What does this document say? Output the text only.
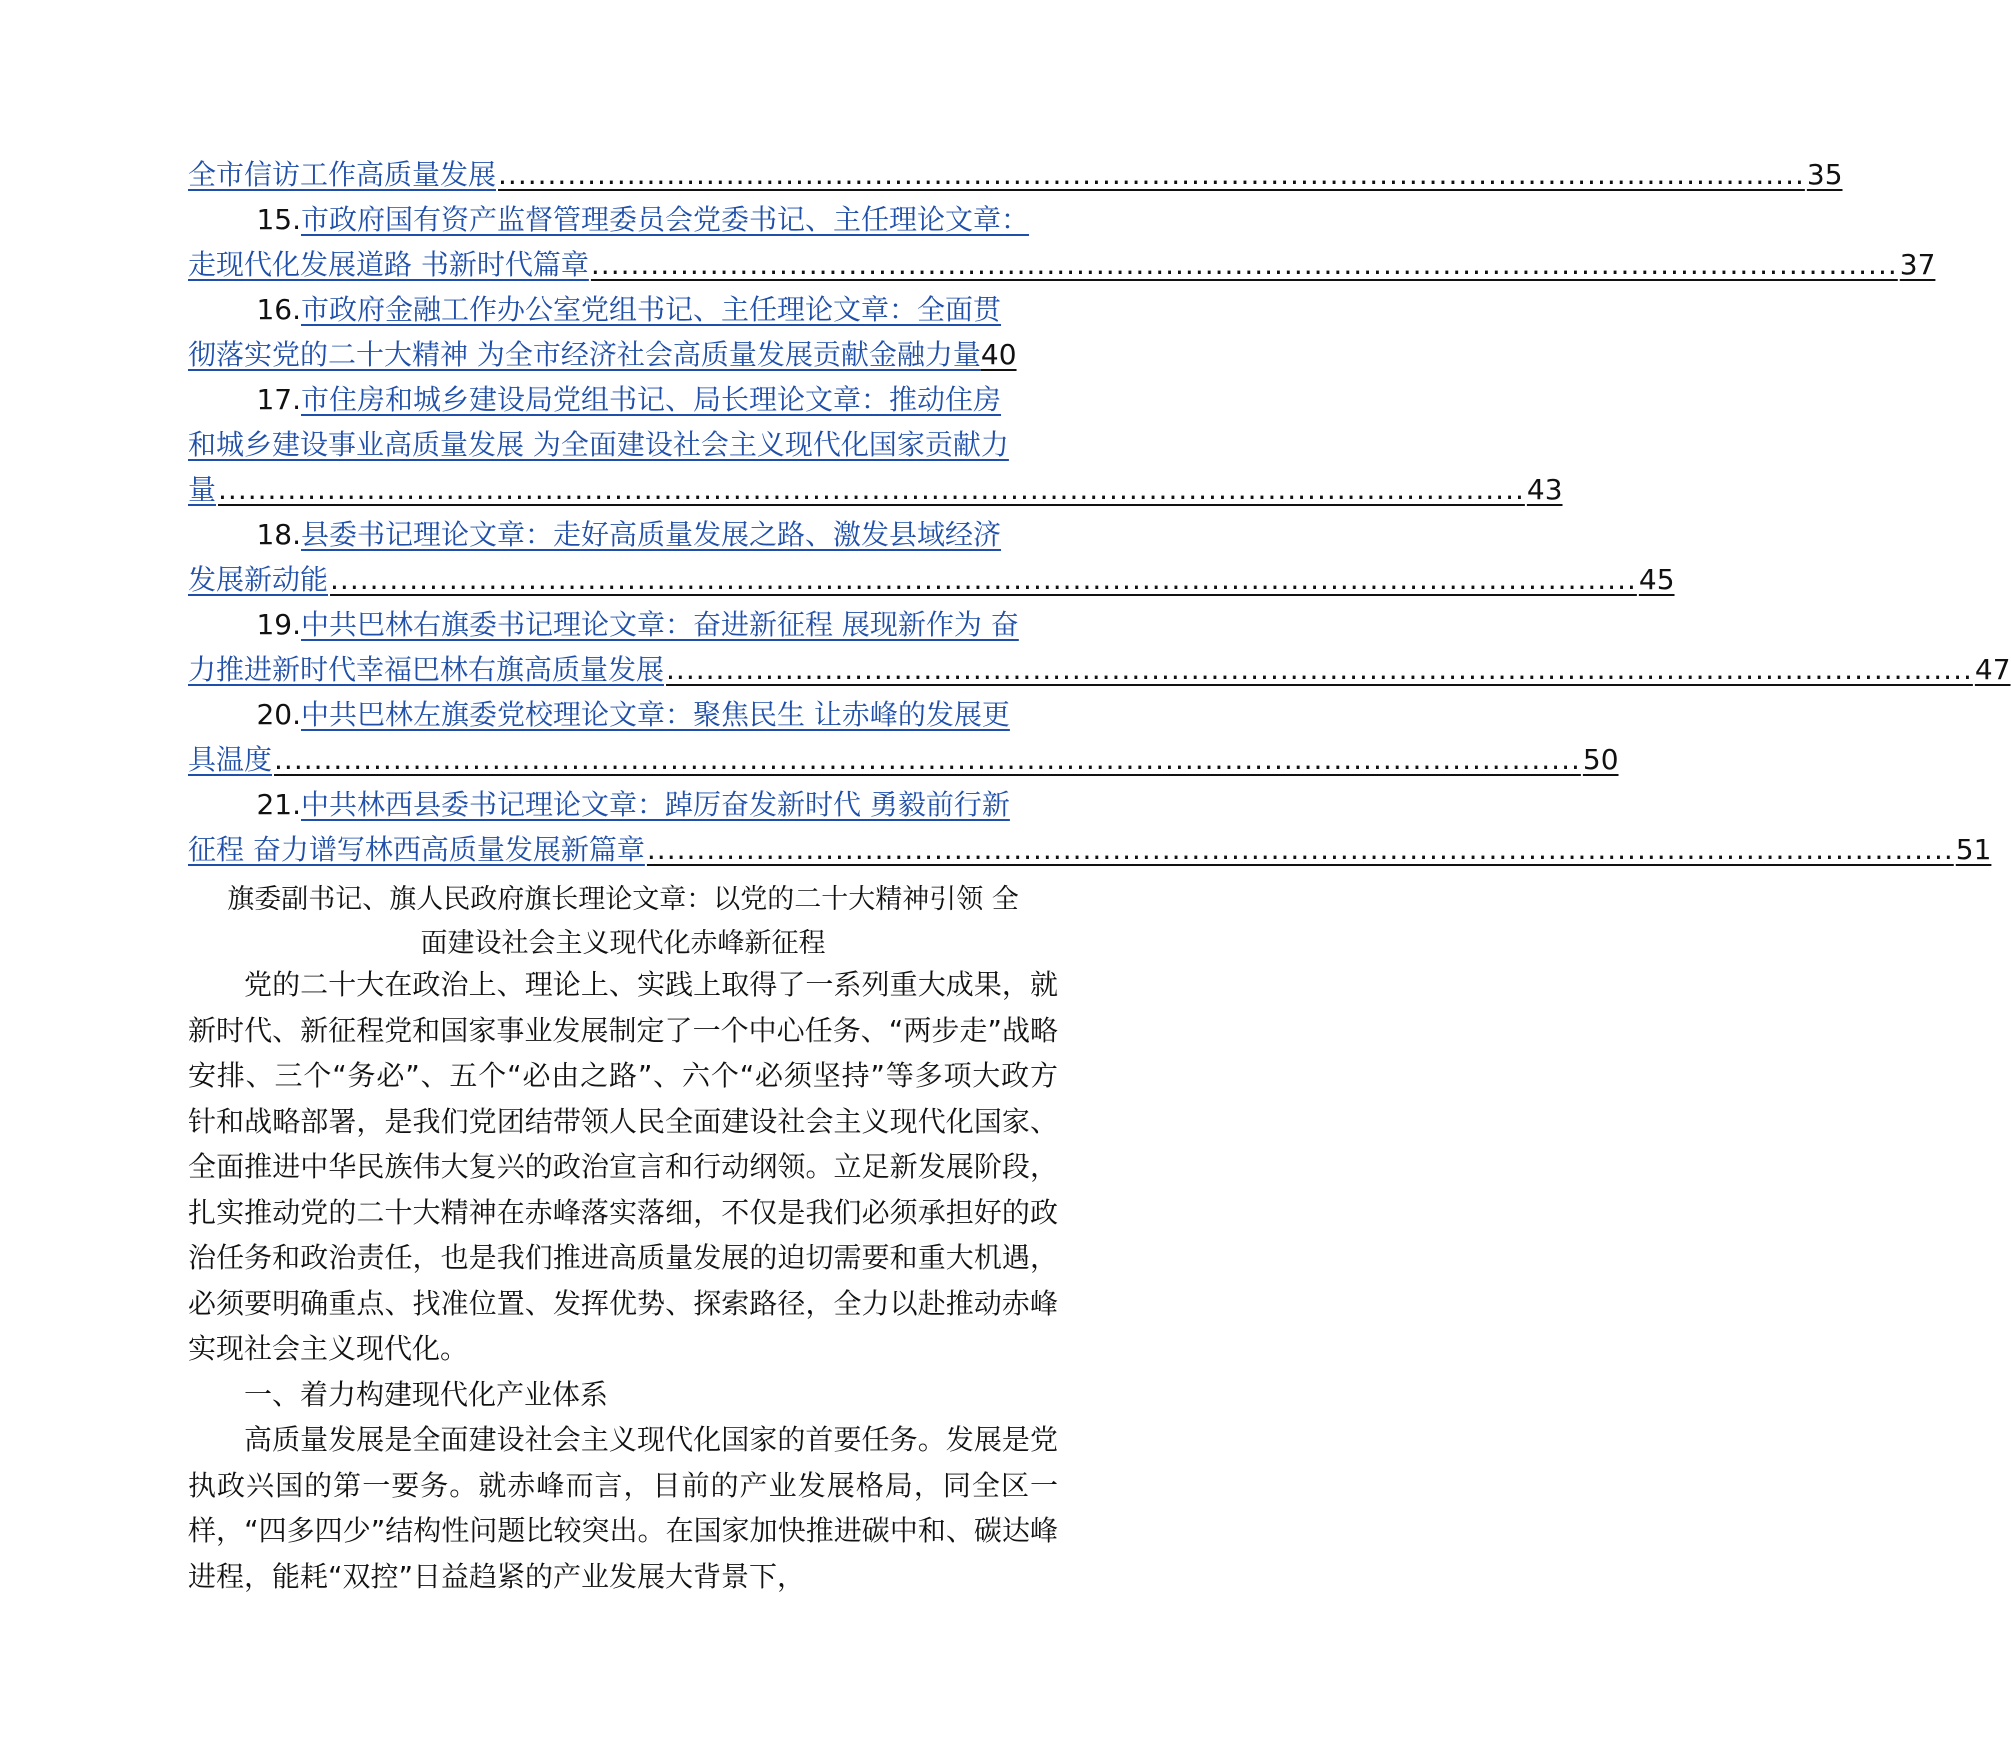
全市信访工作高质量发展 .................................................................................................................................... 35
15.市政府国有资产监督管理委员会党委书记、主任理论文章：
走现代化发展道路 书新时代篇章 .................................................................................................................................... 37
16.市政府金融工作办公室党组书记、主任理论文章：全面贯
彻落实党的二十大精神 为全市经济社会高质量发展贡献金融力量 40
17.市住房和城乡建设局党组书记、局长理论文章：推动住房
和城乡建设事业高质量发展 为全面建设社会主义现代化国家贡献力
量 .................................................................................................................................... 43
18.县委书记理论文章：走好高质量发展之路、激发县域经济
发展新动能 .................................................................................................................................... 45
19.中共巴林右旗委书记理论文章：奋进新征程 展现新作为 奋
力推进新时代幸福巴林右旗高质量发展 .................................................................................................................................... 47
20.中共巴林左旗委党校理论文章：聚焦民生 让赤峰的发展更
具温度 .................................................................................................................................... 50
21.中共林西县委书记理论文章：踔厉奋发新时代 勇毅前行新
征程 奋力谱写林西高质量发展新篇章 .................................................................................................................................... 51
旗委副书记、旗人民政府旗长理论文章：以党的二十大精神引领 全
面建设社会主义现代化赤峰新征程

党的二十大在政治上、理论上、实践上取得了一系列重大成果，就新时代、新征程党和国家事业发展制定了一个中心任务、“两步走”战略安排、三个“务必”、五个“必由之路”、六个“必须坚持”等多项大政方针和战略部署，是我们党团结带领人民全面建设社会主义现代化国家、全面推进中华民族伟大复兴的政治宣言和行动纲领。立足新发展阶段，扎实推动党的二十大精神在赤峰落实落细，不仅是我们必须承担好的政治任务和政治责任，也是我们推进高质量发展的迫切需要和重大机遇，必须要明确重点、找准位置、发挥优势、探索路径，全力以赴推动赤峰实现社会主义现代化。

一、着力构建现代化产业体系

高质量发展是全面建设社会主义现代化国家的首要任务。发展是党执政兴国的第一要务。就赤峰而言，目前的产业发展格局，同全区一样，“四多四少”结构性问题比较突出。在国家加快推进碳中和、碳达峰进程，能耗“双控”日益趋紧的产业发展大背景下，
